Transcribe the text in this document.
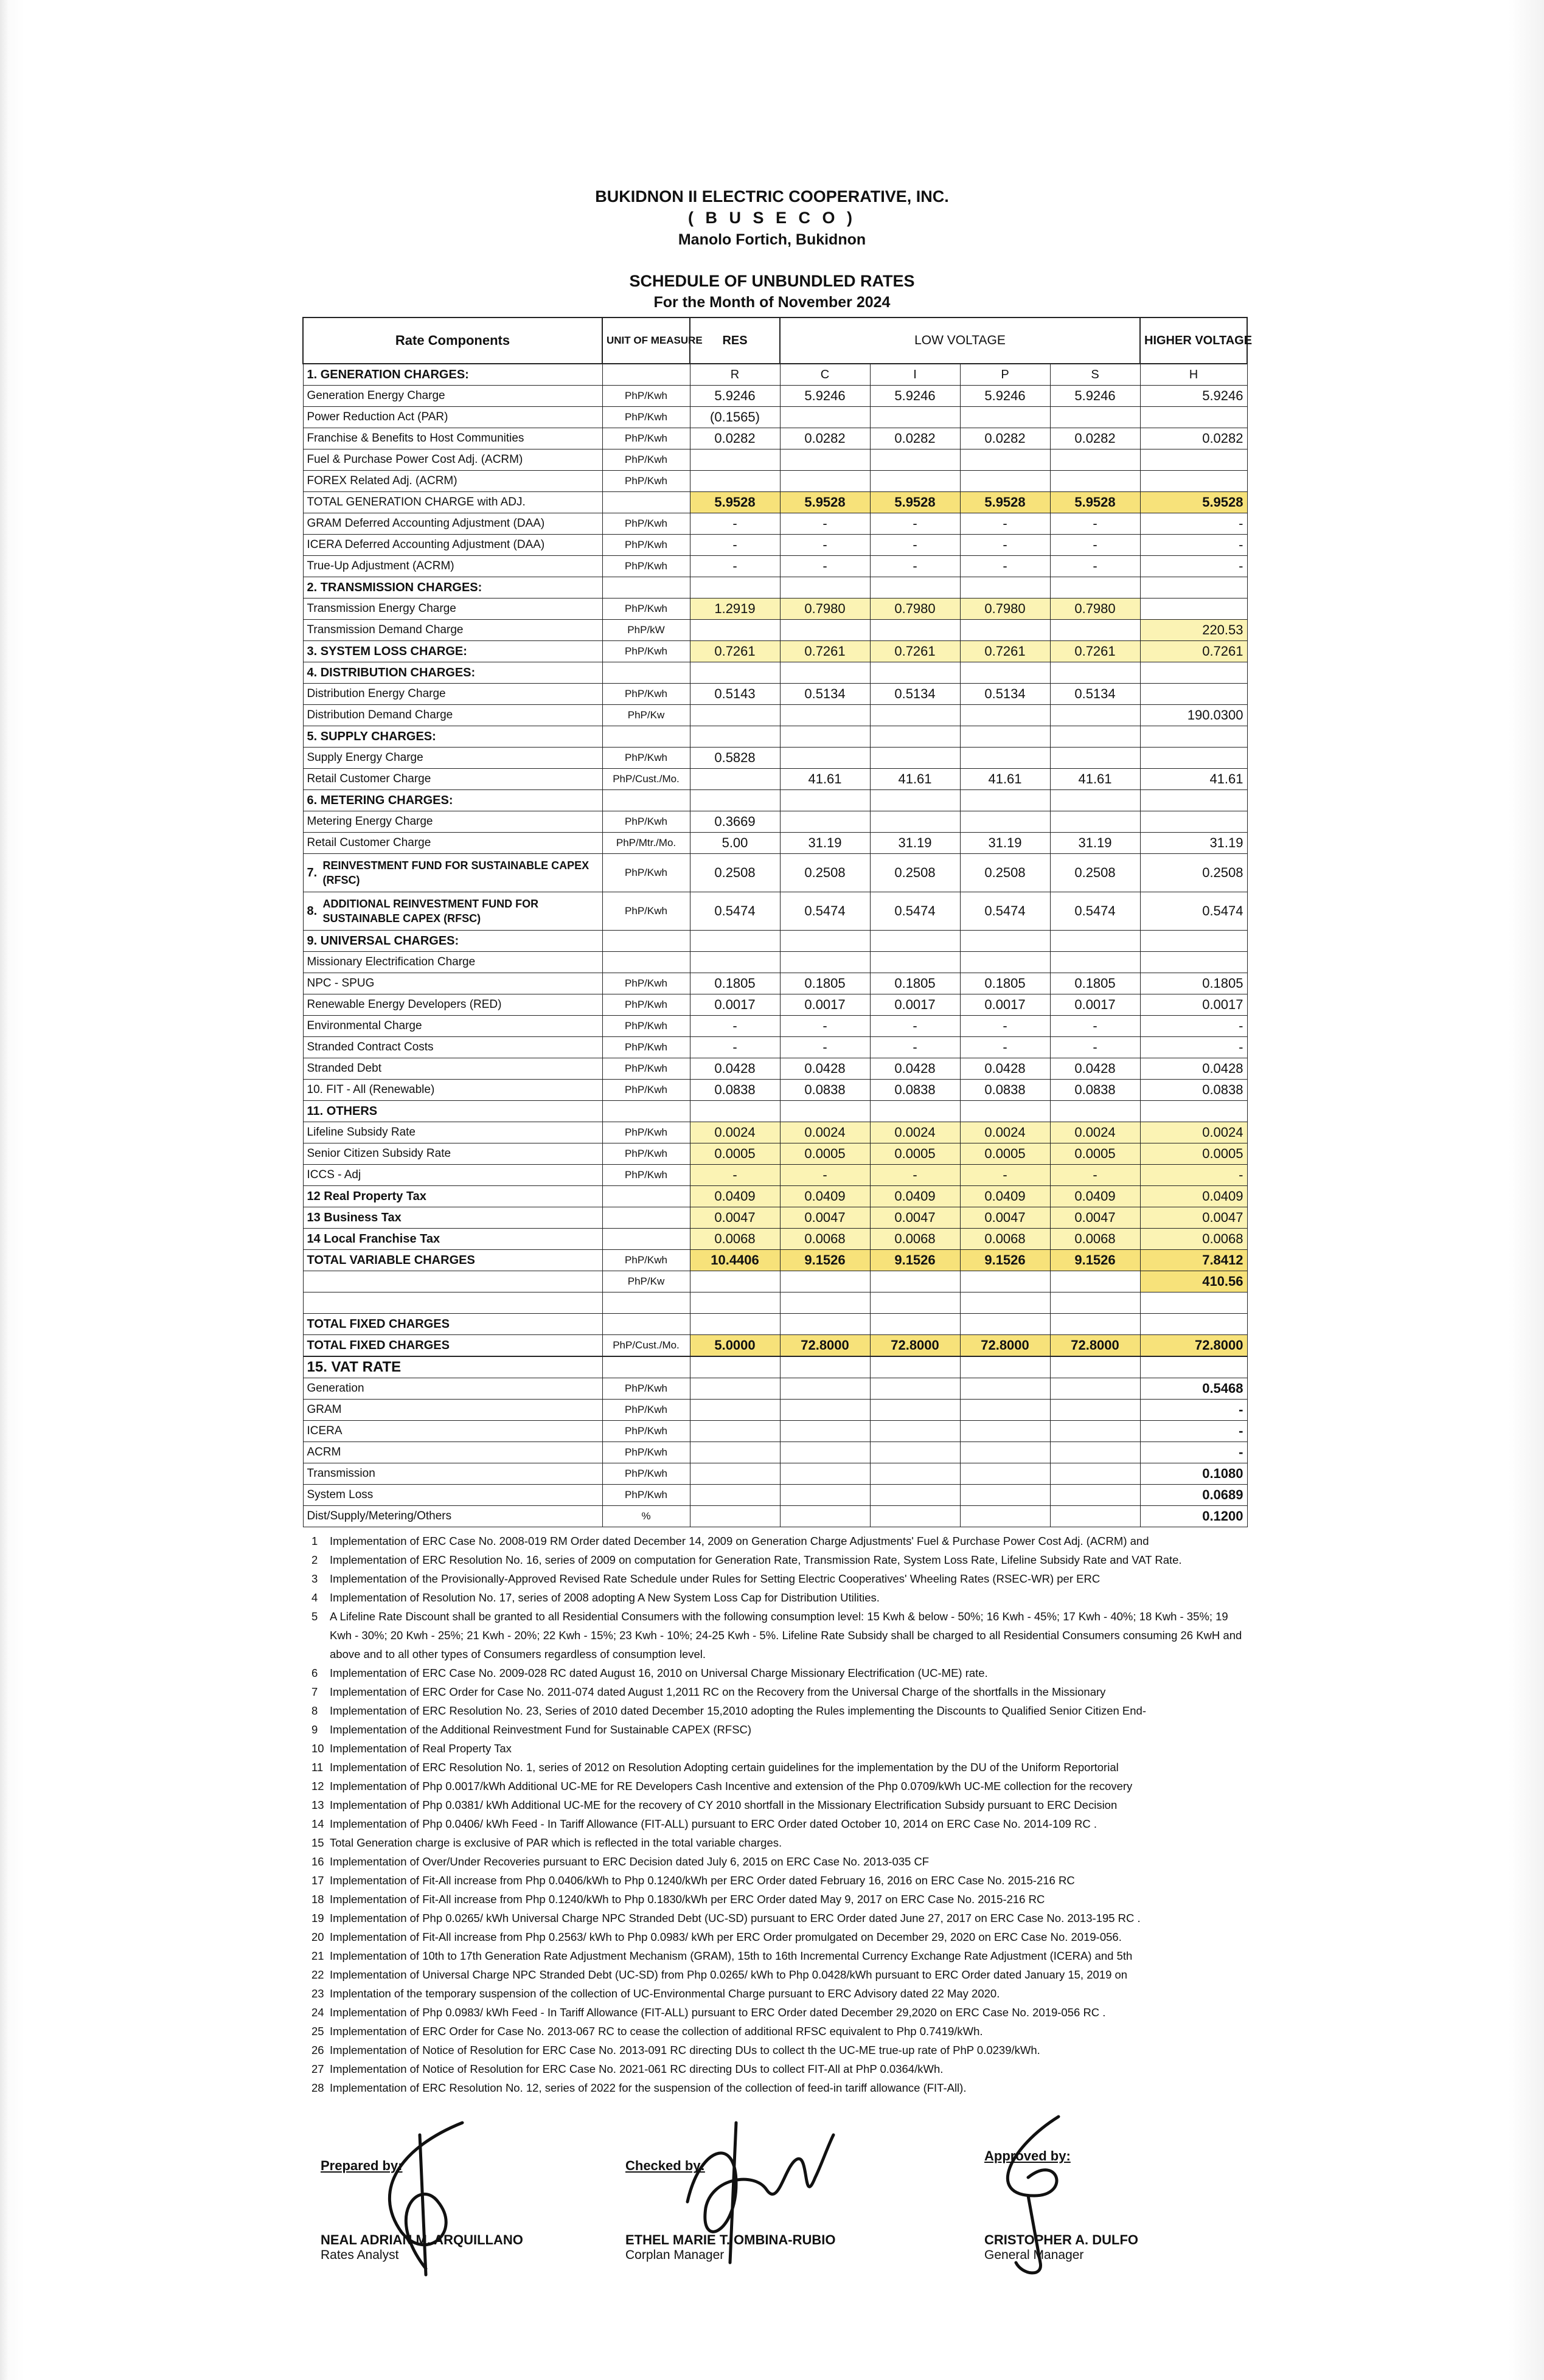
BUKIDNON II ELECTRIC COOPERATIVE, INC.
( B U S E C O )
Manolo Fortich, Bukidnon
SCHEDULE OF UNBUNDLED RATES
For the Month of November 2024
Rate Components	UNIT OF MEASURE	RES	LOW VOLTAGE				HIGHER VOLTAGE

1. GENERATION CHARGES:		R	C	I	P	S	H
Generation Energy Charge	PhP/Kwh	5.9246	5.9246	5.9246	5.9246	5.9246	5.9246
Power Reduction Act (PAR)	PhP/Kwh	(0.1565)					
Franchise & Benefits to Host Communities	PhP/Kwh	0.0282	0.0282	0.0282	0.0282	0.0282	0.0282
Fuel & Purchase Power Cost Adj. (ACRM)	PhP/Kwh						
FOREX Related Adj. (ACRM)	PhP/Kwh						
TOTAL GENERATION CHARGE with ADJ.		5.9528	5.9528	5.9528	5.9528	5.9528	5.9528
GRAM Deferred Accounting Adjustment (DAA)	PhP/Kwh	-	-	-	-	-	-
ICERA Deferred Accounting Adjustment (DAA)	PhP/Kwh	-	-	-	-	-	-
True-Up Adjustment (ACRM)	PhP/Kwh	-	-	-	-	-	-
2. TRANSMISSION CHARGES:							
Transmission Energy Charge	PhP/Kwh	1.2919	0.7980	0.7980	0.7980	0.7980	
Transmission Demand Charge	PhP/kW						220.53
3. SYSTEM LOSS CHARGE:	PhP/Kwh	0.7261	0.7261	0.7261	0.7261	0.7261	0.7261
4. DISTRIBUTION CHARGES:							
Distribution Energy Charge	PhP/Kwh	0.5143	0.5134	0.5134	0.5134	0.5134	
Distribution Demand Charge	PhP/Kw						190.0300
5. SUPPLY CHARGES:							
Supply Energy Charge	PhP/Kwh	0.5828					
Retail Customer Charge	PhP/Cust./Mo.		41.61	41.61	41.61	41.61	41.61
6. METERING CHARGES:							
Metering Energy Charge	PhP/Kwh	0.3669					
Retail Customer Charge	PhP/Mtr./Mo.	5.00	31.19	31.19	31.19	31.19	31.19
7.REINVESTMENT FUND FOR SUSTAINABLE CAPEX (RFSC)	PhP/Kwh	0.2508	0.2508	0.2508	0.2508	0.2508	0.2508
8.ADDITIONAL REINVESTMENT FUND FOR SUSTAINABLE CAPEX (RFSC)	PhP/Kwh	0.5474	0.5474	0.5474	0.5474	0.5474	0.5474
9. UNIVERSAL CHARGES:							
Missionary Electrification Charge							
NPC - SPUG	PhP/Kwh	0.1805	0.1805	0.1805	0.1805	0.1805	0.1805
Renewable Energy Developers (RED)	PhP/Kwh	0.0017	0.0017	0.0017	0.0017	0.0017	0.0017
Environmental Charge	PhP/Kwh	-	-	-	-	-	-
Stranded Contract Costs	PhP/Kwh	-	-	-	-	-	-
Stranded Debt	PhP/Kwh	0.0428	0.0428	0.0428	0.0428	0.0428	0.0428
10. FIT - All (Renewable)	PhP/Kwh	0.0838	0.0838	0.0838	0.0838	0.0838	0.0838
11. OTHERS							
Lifeline Subsidy Rate	PhP/Kwh	0.0024	0.0024	0.0024	0.0024	0.0024	0.0024
Senior Citizen Subsidy Rate	PhP/Kwh	0.0005	0.0005	0.0005	0.0005	0.0005	0.0005
ICCS - Adj	PhP/Kwh	-	-	-	-	-	-
12 Real Property Tax		0.0409	0.0409	0.0409	0.0409	0.0409	0.0409
13 Business Tax		0.0047	0.0047	0.0047	0.0047	0.0047	0.0047
14 Local Franchise Tax		0.0068	0.0068	0.0068	0.0068	0.0068	0.0068
TOTAL VARIABLE CHARGES	PhP/Kwh	10.4406	9.1526	9.1526	9.1526	9.1526	7.8412
	PhP/Kw						410.56

TOTAL FIXED CHARGES							
TOTAL FIXED CHARGES	PhP/Cust./Mo.	5.0000	72.8000	72.8000	72.8000	72.8000	72.8000
15. VAT RATE							
Generation	PhP/Kwh						0.5468
GRAM	PhP/Kwh						-
ICERA	PhP/Kwh						-
ACRM	PhP/Kwh						-
Transmission	PhP/Kwh						0.1080
System Loss	PhP/Kwh						0.0689
Dist/Supply/Metering/Others	%						0.1200
1	Implementation of ERC Case No. 2008-019 RM Order dated December 14, 2009 on Generation Charge Adjustments' Fuel & Purchase Power Cost Adj. (ACRM) and
2	Implementation of ERC Resolution No. 16, series of 2009 on computation for Generation Rate, Transmission Rate, System Loss Rate, Lifeline Subsidy Rate and VAT Rate.
3	Implementation of the Provisionally-Approved Revised Rate Schedule under Rules for Setting Electric Cooperatives' Wheeling Rates (RSEC-WR) per ERC
4	Implementation of Resolution No. 17, series of 2008 adopting A New System Loss Cap for Distribution Utilities.
5	A Lifeline Rate Discount shall be granted to all Residential Consumers with the following consumption level: 15 Kwh & below - 50%; 16 Kwh - 45%; 17 Kwh - 40%; 18 Kwh - 35%; 19 Kwh - 30%; 20 Kwh - 25%; 21 Kwh - 20%; 22 Kwh - 15%; 23 Kwh - 10%; 24-25 Kwh - 5%. Lifeline Rate Subsidy shall be charged to all Residential Consumers consuming 26 KwH and above and to all other types of Consumers regardless of consumption level.
6	Implementation of ERC Case No. 2009-028 RC dated August 16, 2010 on Universal Charge Missionary Electrification (UC-ME) rate.
7	Implementation of ERC Order for Case No. 2011-074 dated August 1,2011 RC on the Recovery from the Universal Charge of the shortfalls in the Missionary
8	Implementation of ERC Resolution No. 23, Series of 2010 dated December 15,2010 adopting the Rules implementing the Discounts to Qualified Senior Citizen End-
9	Implementation of the Additional Reinvestment Fund for Sustainable CAPEX (RFSC)
10 Implementation of Real Property Tax
11 Implementation of ERC Resolution No. 1, series of 2012 on Resolution Adopting certain guidelines for the implementation by the DU of the Uniform Reportorial
12 Implementation of Php 0.0017/kWh Additional UC-ME for RE Developers Cash Incentive and extension of the Php 0.0709/kWh UC-ME collection for the recovery
13 Implementation of Php 0.0381/ kWh Additional UC-ME for the recovery of CY 2010 shortfall in the Missionary Electrification Subsidy pursuant to ERC Decision
14 Implementation of Php 0.0406/ kWh Feed - In Tariff Allowance (FIT-ALL) pursuant to ERC Order dated October 10, 2014 on ERC Case No. 2014-109 RC .
15 Total Generation charge is exclusive of PAR which is reflected in the total variable charges.
16 Implementation of Over/Under Recoveries pursuant to ERC Decision dated July 6, 2015 on ERC Case No. 2013-035 CF
17 Implementation of Fit-All increase from Php 0.0406/kWh to Php 0.1240/kWh per ERC Order dated February 16, 2016 on ERC Case No. 2015-216 RC
18 Implementation of Fit-All increase from Php 0.1240/kWh to Php 0.1830/kWh per ERC Order dated May 9, 2017 on ERC Case No. 2015-216 RC
19 Implementation of Php 0.0265/ kWh Universal Charge NPC Stranded Debt (UC-SD) pursuant to ERC Order dated June 27, 2017 on ERC Case No. 2013-195 RC .
20 Implementation of Fit-All increase from Php 0.2563/ kWh to Php 0.0983/ kWh per ERC Order promulgated on December 29, 2020 on ERC Case No. 2019-056.
21 Implementation of 10th to 17th Generation Rate Adjustment Mechanism (GRAM), 15th to 16th Incremental Currency Exchange Rate Adjustment (ICERA) and 5th
22 Implementation of Universal Charge NPC Stranded Debt (UC-SD) from Php 0.0265/ kWh to Php 0.0428/kWh pursuant to ERC Order dated January 15, 2019 on
23 Implentation of the temporary suspension of the collection of UC-Environmental Charge pursuant to ERC Advisory dated 22 May 2020.
24 Implementation of Php 0.0983/ kWh Feed - In Tariff Allowance (FIT-ALL) pursuant to ERC Order dated December 29,2020 on ERC Case No. 2019-056 RC .
25 Implementation of ERC Order for Case No. 2013-067 RC to cease the collection of additional RFSC equivalent to Php 0.7419/kWh.
26 Implementation of Notice of Resolution for ERC Case No. 2013-091 RC directing DUs to collect th the UC-ME true-up rate of PhP 0.0239/kWh.
27 Implementation of Notice of Resolution for ERC Case No. 2021-061 RC directing DUs to collect FIT-All at PhP 0.0364/kWh.
28 Implementation of ERC Resolution No. 12, series of 2022 for the suspension of the collection of feed-in tariff allowance (FIT-All).
Prepared by:
NEAL ADRIAN M. ARQUILLANO
Rates Analyst
Checked by:
ETHEL MARIE T. OMBINA-RUBIO
Corplan Manager
Approved by:
CRISTOPHER A. DULFO
General Manager
